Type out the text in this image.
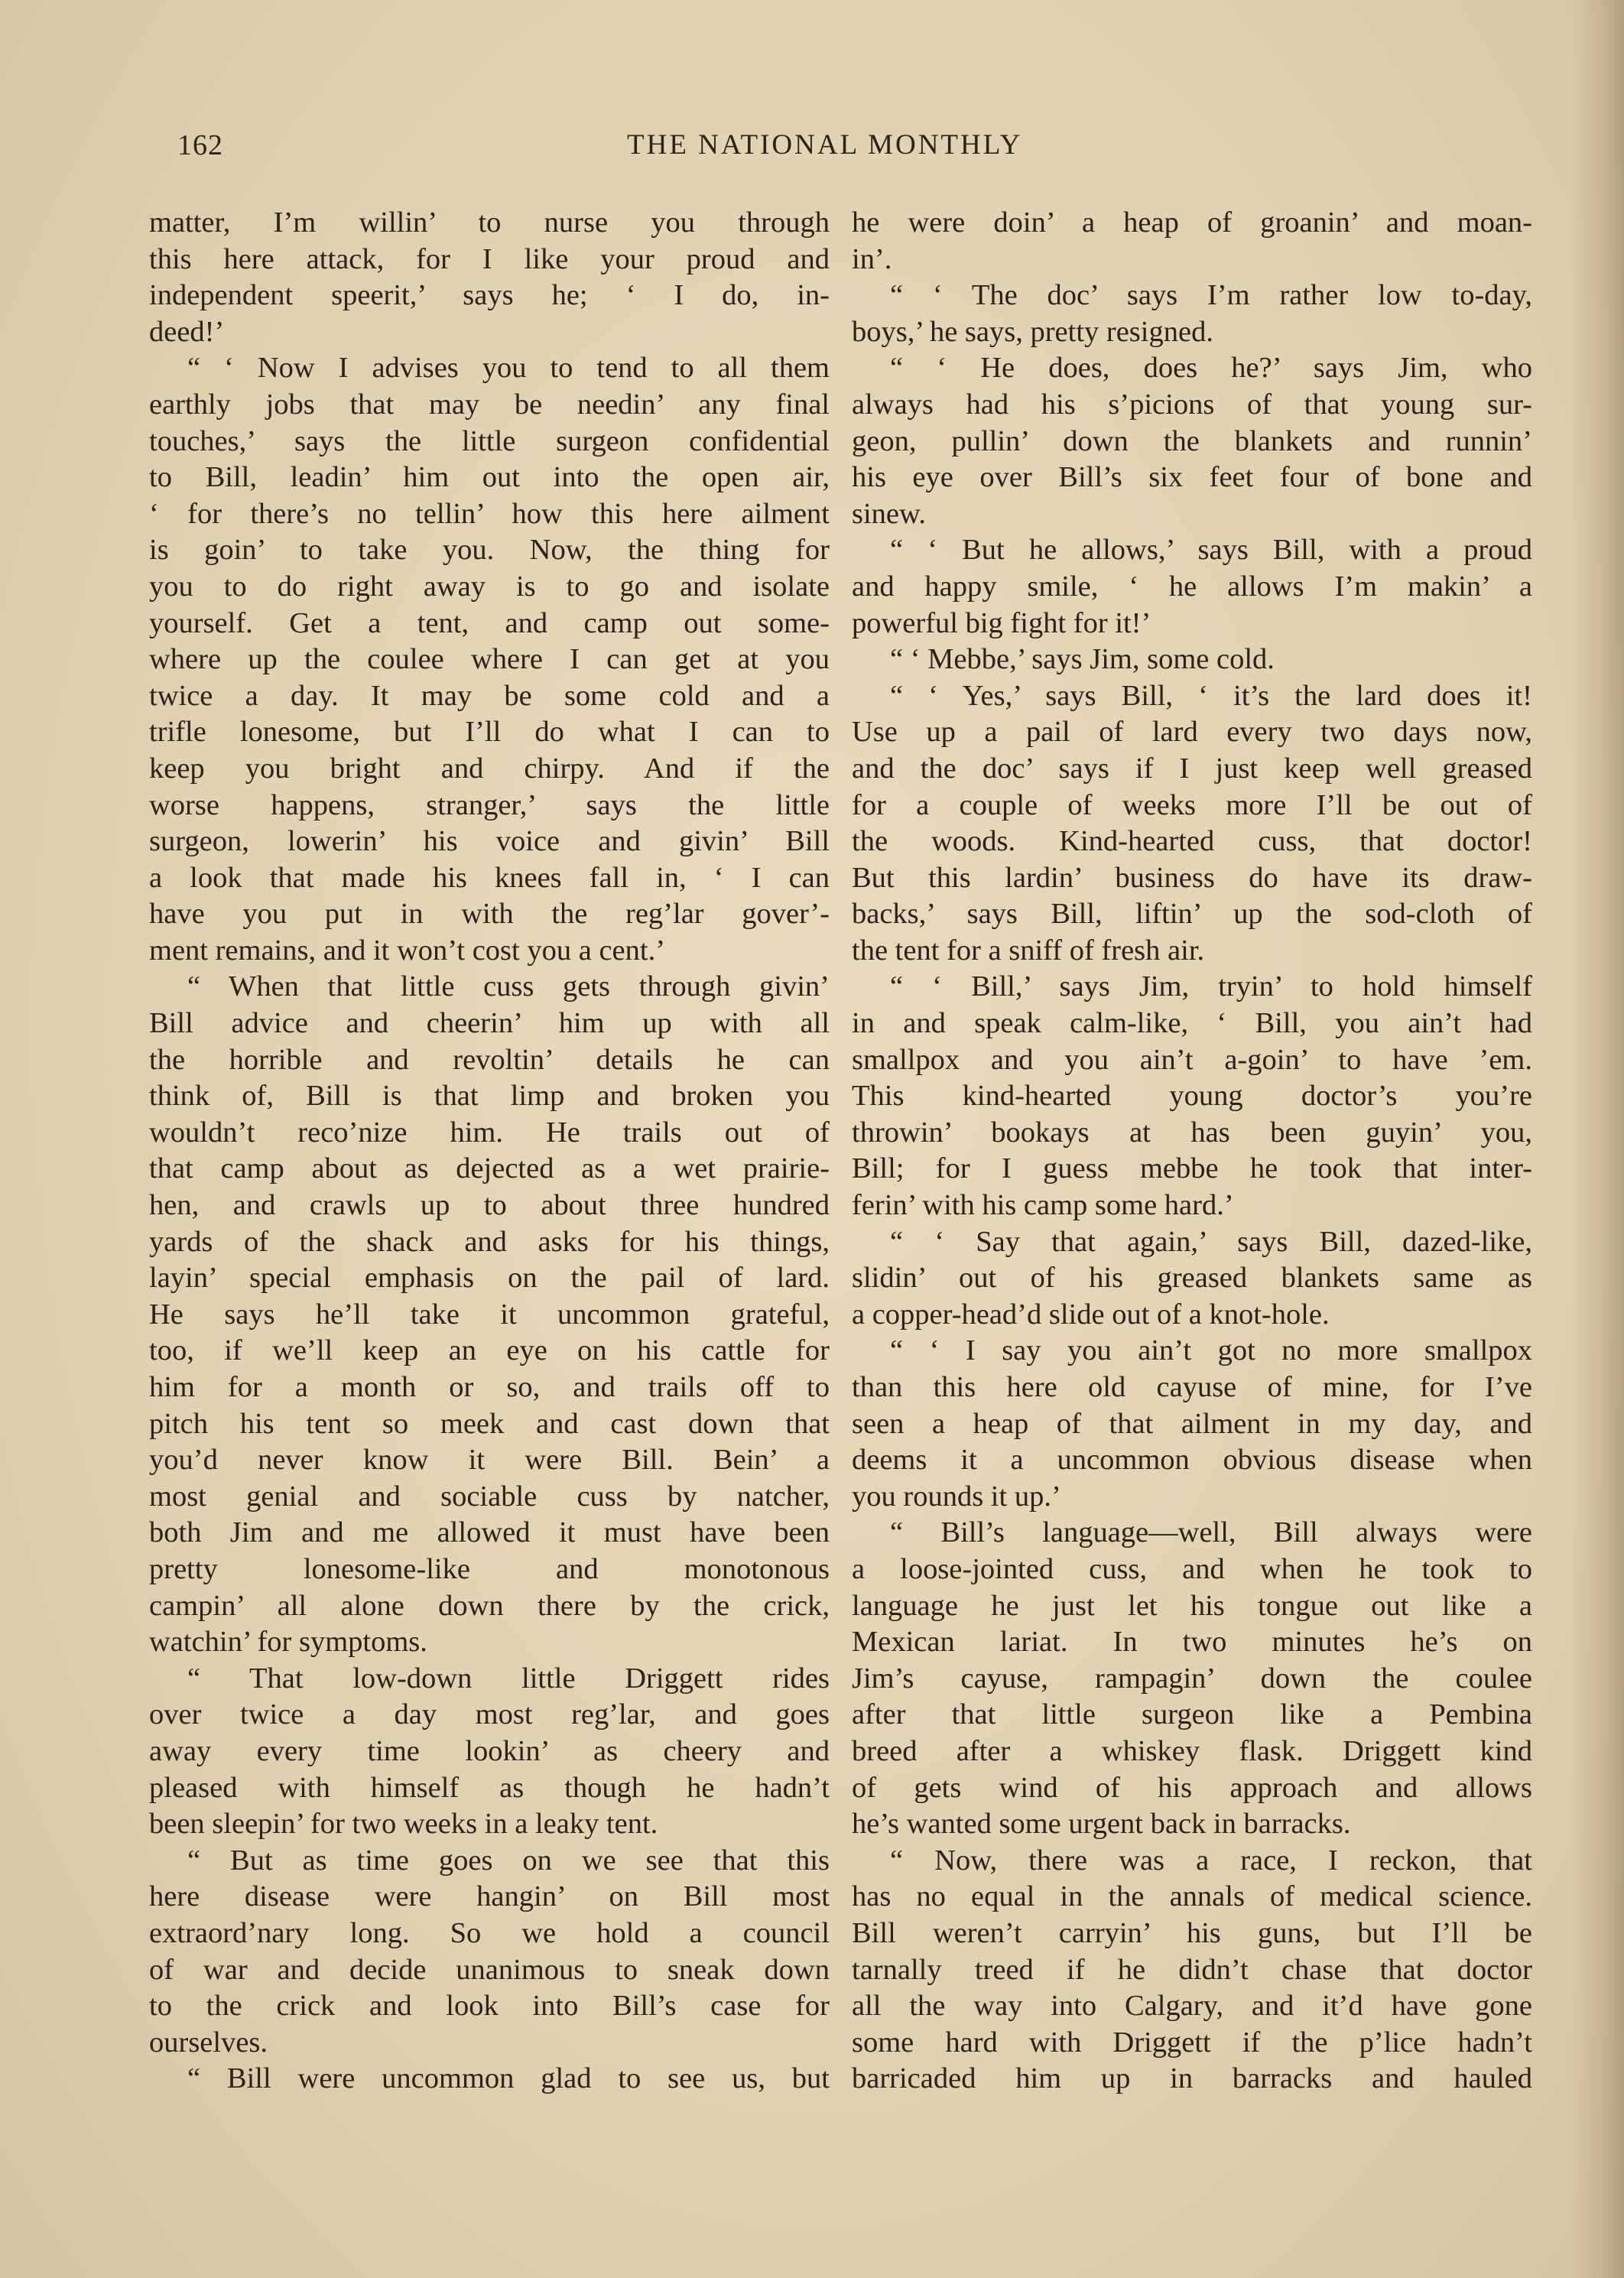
162	THE NATIONAL MONTHLY
matter, I’m willin’ to nurse you through
this here attack, for I like your proud and
independent speerit,’ says he; ‘ I do, in-
deed!’
“ ‘ Now I advises you to tend to all them
earthly jobs that may be needin’ any final
touches,’ says the little surgeon confidential
to Bill, leadin’ him out into the open air,
‘ for there’s no tellin’ how this here ailment
is goin’ to take you. Now, the thing for
you to do right away is to go and isolate
yourself. Get a tent, and camp out some-
where up the coulee where I can get at you
twice a day. It may be some cold and a
trifle lonesome, but I’ll do what I can to
keep you bright and chirpy. And if the
worse happens, stranger,’ says the little
surgeon, lowerin’ his voice and givin’ Bill
a look that made his knees fall in, ‘ I can
have you put in with the reg’lar gover’-
ment remains, and it won’t cost you a cent.’
“ When that little cuss gets through givin’
Bill advice and cheerin’ him up with all
the horrible and revoltin’ details he can
think of, Bill is that limp and broken you
wouldn’t reco’nize him. He trails out of
that camp about as dejected as a wet prairie-
hen, and crawls up to about three hundred
yards of the shack and asks for his things,
layin’ special emphasis on the pail of lard.
He says he’ll take it uncommon grateful,
too, if we’ll keep an eye on his cattle for
him for a month or so, and trails off to
pitch his tent so meek and cast down that
you’d never know it were Bill. Bein’ a
most genial and sociable cuss by natcher,
both Jim and me allowed it must have been
pretty lonesome-like and monotonous
campin’ all alone down there by the crick,
watchin’ for symptoms.
“ That low-down little Driggett rides
over twice a day most reg’lar, and goes
away every time lookin’ as cheery and
pleased with himself as though he hadn’t
been sleepin’ for two weeks in a leaky tent.
“ But as time goes on we see that this
here disease were hangin’ on Bill most
extraord’nary long. So we hold a council
of war and decide unanimous to sneak down
to the crick and look into Bill’s case for
ourselves.
“ Bill were uncommon glad to see us, but
he were doin’ a heap of groanin’ and moan-
in’.
“ ‘ The doc’ says I’m rather low to-day,
boys,’ he says, pretty resigned.
“ ‘ He does, does he?’ says Jim, who
always had his s’picions of that young sur-
geon, pullin’ down the blankets and runnin’
his eye over Bill’s six feet four of bone and
sinew.
“ ‘ But he allows,’ says Bill, with a proud
and happy smile, ‘ he allows I’m makin’ a
powerful big fight for it!’
“ ‘ Mebbe,’ says Jim, some cold.
“ ‘ Yes,’ says Bill, ‘ it’s the lard does it!
Use up a pail of lard every two days now,
and the doc’ says if I just keep well greased
for a couple of weeks more I’ll be out of
the woods. Kind-hearted cuss, that doctor!
But this lardin’ business do have its draw-
backs,’ says Bill, liftin’ up the sod-cloth of
the tent for a sniff of fresh air.
“ ‘ Bill,’ says Jim, tryin’ to hold himself
in and speak calm-like, ‘ Bill, you ain’t had
smallpox and you ain’t a-goin’ to have ’em.
This kind-hearted young doctor’s you’re
throwin’ bookays at has been guyin’ you,
Bill; for I guess mebbe he took that inter-
ferin’ with his camp some hard.’
“ ‘ Say that again,’ says Bill, dazed-like,
slidin’ out of his greased blankets same as
a copper-head’d slide out of a knot-hole.
“ ‘ I say you ain’t got no more smallpox
than this here old cayuse of mine, for I’ve
seen a heap of that ailment in my day, and
deems it a uncommon obvious disease when
you rounds it up.’
“ Bill’s language—well, Bill always were
a loose-jointed cuss, and when he took to
language he just let his tongue out like a
Mexican lariat. In two minutes he’s on
Jim’s cayuse, rampagin’ down the coulee
after that little surgeon like a Pembina
breed after a whiskey flask. Driggett kind
of gets wind of his approach and allows
he’s wanted some urgent back in barracks.
“ Now, there was a race, I reckon, that
has no equal in the annals of medical science.
Bill weren’t carryin’ his guns, but I’ll be
tarnally treed if he didn’t chase that doctor
all the way into Calgary, and it’d have gone
some hard with Driggett if the p’lice hadn’t
barricaded him up in barracks and hauled
